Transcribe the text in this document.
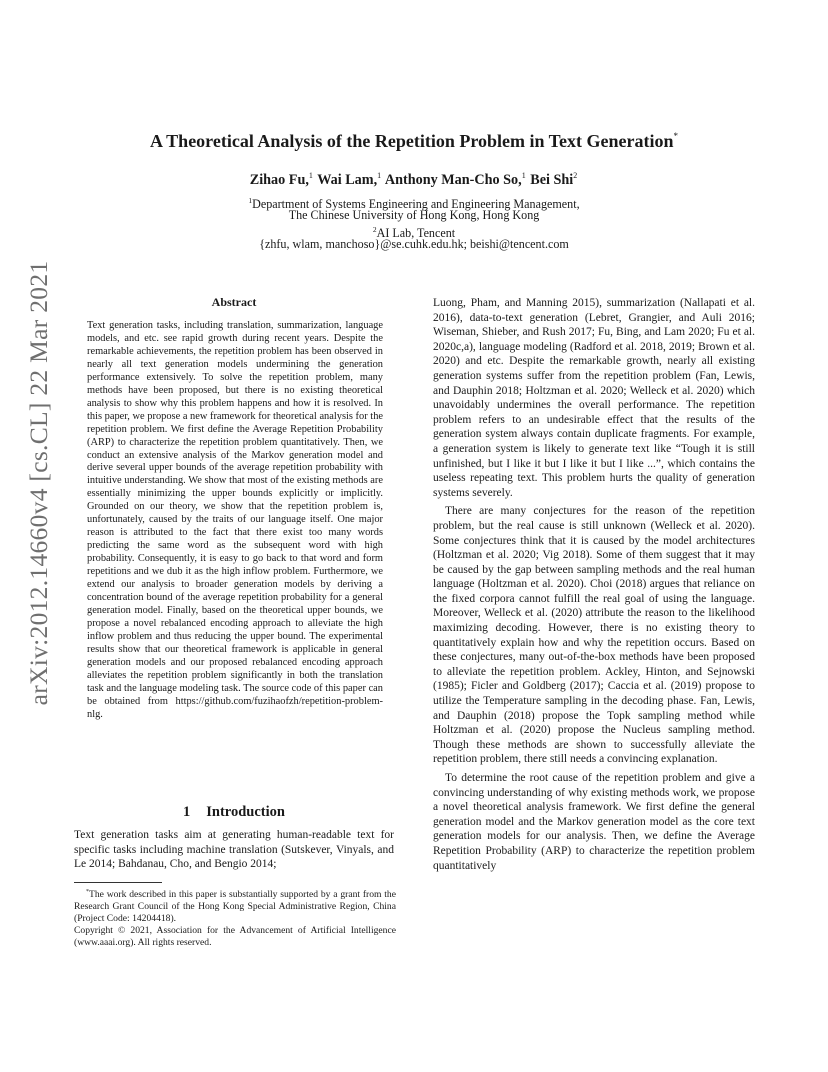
arXiv:2012.14660v4 [cs.CL] 22 Mar 2021
A Theoretical Analysis of the Repetition Problem in Text Generation*
Zihao Fu,$^1$ Wai Lam,$^1$ Anthony Man-Cho So,$^1$ Bei Shi$^2$
$^1$Department of Systems Engineering and Engineering Management,
The Chinese University of Hong Kong, Hong Kong
$^2$AI Lab, Tencent
{zhfu, wlam, manchoso}@se.cuhk.edu.hk; beishi@tencent.com
Abstract

Text generation tasks, including translation, summarization, language models, and etc. see rapid growth during recent years. Despite the remarkable achievements, the repetition problem has been observed in nearly all text generation models undermining the generation performance extensively. To solve the repetition problem, many methods have been proposed, but there is no existing theoretical analysis to show why this problem happens and how it is resolved. In this paper, we propose a new framework for theoretical analysis for the repetition problem. We first define the Average Repetition Probability (ARP) to characterize the repetition problem quantitatively. Then, we conduct an extensive analysis of the Markov generation model and derive several upper bounds of the average repetition probability with intuitive understanding. We show that most of the existing methods are essentially minimizing the upper bounds explicitly or implicitly. Grounded on our theory, we show that the repetition problem is, unfortunately, caused by the traits of our language itself. One major reason is attributed to the fact that there exist too many words predicting the same word as the subsequent word with high probability. Consequently, it is easy to go back to that word and form repetitions and we dub it as the high inflow problem. Furthermore, we extend our analysis to broader generation models by deriving a concentration bound of the average repetition probability for a general generation model. Finally, based on the theoretical upper bounds, we propose a novel rebalanced encoding approach to alleviate the high inflow problem and thus reducing the upper bound. The experimental results show that our theoretical framework is applicable in general generation models and our proposed rebalanced encoding approach alleviates the repetition problem significantly in both the translation task and the language modeling task. The source code of this paper can be obtained from https://github.com/fuzihaofzh/repetition-problem-nlg.

1 Introduction

Text generation tasks aim at generating human-readable text for specific tasks including machine translation (Sutskever, Vinyals, and Le 2014; Bahdanau, Cho, and Bengio 2014;

*The work described in this paper is substantially supported by a grant from the Research Grant Council of the Hong Kong Special Administrative Region, China (Project Code: 14204418).

Copyright © 2021, Association for the Advancement of Artificial Intelligence (www.aaai.org). All rights reserved.

Luong, Pham, and Manning 2015), summarization (Nallapati et al. 2016), data-to-text generation (Lebret, Grangier, and Auli 2016; Wiseman, Shieber, and Rush 2017; Fu, Bing, and Lam 2020; Fu et al. 2020c,a), language modeling (Radford et al. 2018, 2019; Brown et al. 2020) and etc. Despite the remarkable growth, nearly all existing generation systems suffer from the repetition problem (Fan, Lewis, and Dauphin 2018; Holtzman et al. 2020; Welleck et al. 2020) which unavoidably undermines the overall performance. The repetition problem refers to an undesirable effect that the results of the generation system always contain duplicate fragments. For example, a generation system is likely to generate text like “Tough it is still unfinished, but I like it but I like it but I like ...”, which contains the useless repeating text. This problem hurts the quality of generation systems severely.

There are many conjectures for the reason of the repetition problem, but the real cause is still unknown (Welleck et al. 2020). Some conjectures think that it is caused by the model architectures (Holtzman et al. 2020; Vig 2018). Some of them suggest that it may be caused by the gap between sampling methods and the real human language (Holtzman et al. 2020). Choi (2018) argues that reliance on the fixed corpora cannot fulfill the real goal of using the language. Moreover, Welleck et al. (2020) attribute the reason to the likelihood maximizing decoding. However, there is no existing theory to quantitatively explain how and why the repetition occurs. Based on these conjectures, many out-of-the-box methods have been proposed to alleviate the repetition problem. Ackley, Hinton, and Sejnowski (1985); Ficler and Goldberg (2017); Caccia et al. (2019) propose to utilize the Temperature sampling in the decoding phase. Fan, Lewis, and Dauphin (2018) propose the Topk sampling method while Holtzman et al. (2020) propose the Nucleus sampling method. Though these methods are shown to successfully alleviate the repetition problem, there still needs a convincing explanation.

To determine the root cause of the repetition problem and give a convincing understanding of why existing methods work, we propose a novel theoretical analysis framework. We first define the general generation model and the Markov generation model as the core text generation models for our analysis. Then, we define the Average Repetition Probability (ARP) to characterize the repetition problem quantitatively
